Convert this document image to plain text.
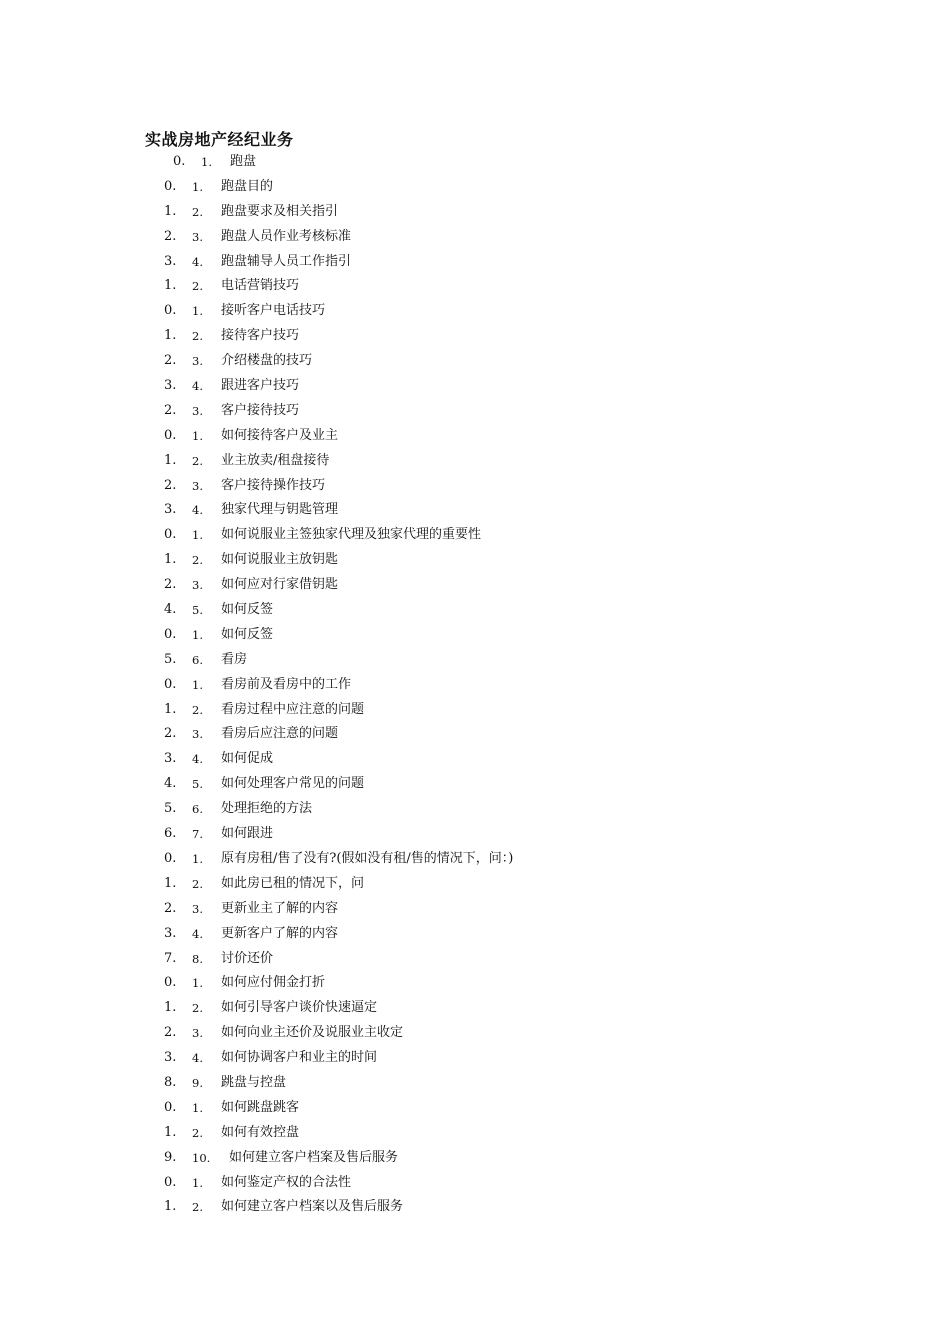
实战房地产经纪业务
0. 1. 跑盘
0. 1. 跑盘目的
1. 2. 跑盘要求及相关指引
2. 3. 跑盘人员作业考核标准
3. 4. 跑盘辅导人员工作指引
1. 2. 电话营销技巧
0. 1. 接听客户电话技巧
1. 2. 接待客户技巧
2. 3. 介绍楼盘的技巧
3. 4. 跟进客户技巧
2. 3. 客户接待技巧
0. 1. 如何接待客户及业主
1. 2. 业主放卖/租盘接待
2. 3. 客户接待操作技巧
3. 4. 独家代理与钥匙管理
0. 1. 如何说服业主签独家代理及独家代理的重要性
1. 2. 如何说服业主放钥匙
2. 3. 如何应对行家借钥匙
4. 5. 如何反签
0. 1. 如何反签
5. 6. 看房
0. 1. 看房前及看房中的工作
1. 2. 看房过程中应注意的问题
2. 3. 看房后应注意的问题
3. 4. 如何促成
4. 5. 如何处理客户常见的问题
5. 6. 处理拒绝的方法
6. 7. 如何跟进
0. 1. 原有房租/售了没有?(假如没有租/售的情况下，问：)
1. 2. 如此房已租的情况下，问
2. 3. 更新业主了解的内容
3. 4. 更新客户了解的内容
7. 8. 讨价还价
0. 1. 如何应付佣金打折
1. 2. 如何引导客户谈价快速逼定
2. 3. 如何向业主还价及说服业主收定
3. 4. 如何协调客户和业主的时间
8. 9. 跳盘与控盘
0. 1. 如何跳盘跳客
1. 2. 如何有效控盘
9. 10. 如何建立客户档案及售后服务
0. 1. 如何鉴定产权的合法性
1. 2. 如何建立客户档案以及售后服务
